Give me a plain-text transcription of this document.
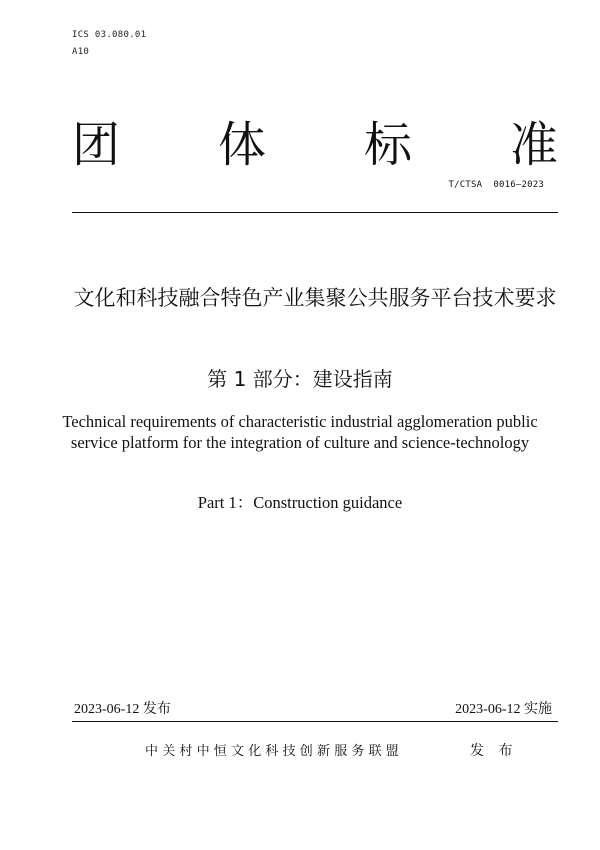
ICS 03.080.01
A10
团 体 标 准
T/CTSA  0016—2023
文化和科技融合特色产业集聚公共服务平台技术要求
第 1 部分：建设指南
Technical requirements of characteristic industrial agglomeration public service platform for the integration of culture and science-technology
Part 1：Construction guidance
2023-06-12 发布	2023-06-12 实施
中关村中恒文化科技创新服务联盟	发 布
